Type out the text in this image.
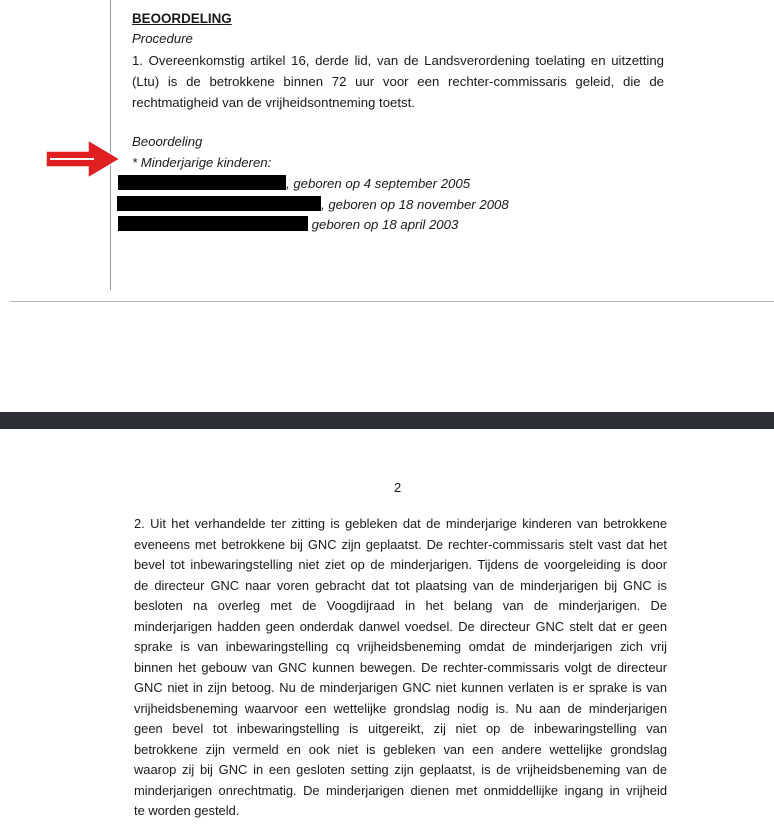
BEOORDELING
Procedure
1. Overeenkomstig artikel 16, derde lid, van de Landsverordening toelating en uitzetting (Ltu) is de betrokkene binnen 72 uur voor een rechter-commissaris geleid, die de rechtmatigheid van de vrijheidsontneming toetst.
Beoordeling
* Minderjarige kinderen:
, geboren op 4 september 2005
, geboren op 18 november 2008
geboren op 18 april 2003
2
2. Uit het verhandelde ter zitting is gebleken dat de minderjarige kinderen van betrokkene
eveneens met betrokkene bij GNC zijn geplaatst. De rechter-commissaris stelt vast dat het
bevel tot inbewaringstelling niet ziet op de minderjarigen. Tijdens de voorgeleiding is door
de directeur GNC naar voren gebracht dat tot plaatsing van de minderjarigen bij GNC is
besloten na overleg met de Voogdijraad in het belang van de minderjarigen. De
minderjarigen hadden geen onderdak danwel voedsel. De directeur GNC stelt dat er geen
sprake is van inbewaringstelling cq vrijheidsbeneming omdat de minderjarigen zich vrij
binnen het gebouw van GNC kunnen bewegen. De rechter-commissaris volgt de directeur
GNC niet in zijn betoog. Nu de minderjarigen GNC niet kunnen verlaten is er sprake is van
vrijheidsbeneming waarvoor een wettelijke grondslag nodig is. Nu aan de minderjarigen
geen bevel tot inbewaringstelling is uitgereikt, zij niet op de inbewaringstelling van
betrokkene zijn vermeld en ook niet is gebleken van een andere wettelijke grondslag
waarop zij bij GNC in een gesloten setting zijn geplaatst, is de vrijheidsbeneming van de
minderjarigen onrechtmatig. De minderjarigen dienen met onmiddellijke ingang in vrijheid
te worden gesteld.
